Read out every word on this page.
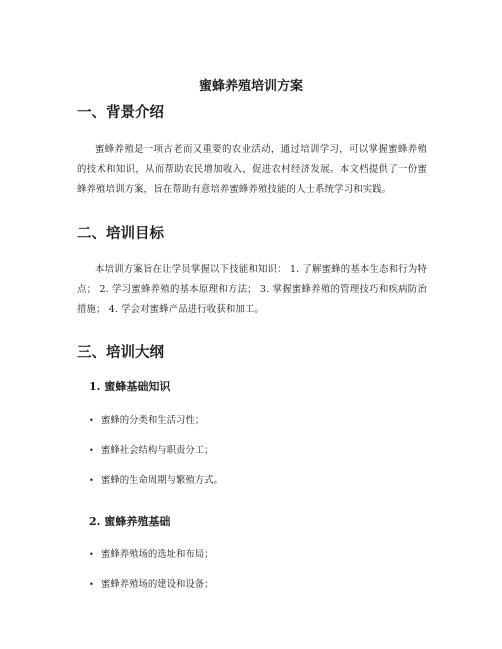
蜜蜂养殖培训方案
一、背景介绍
蜜蜂养殖是一项古老而又重要的农业活动，通过培训学习，可以掌握蜜蜂养殖的技术和知识，从而帮助农民增加收入，促进农村经济发展。本文档提供了一份蜜蜂养殖培训方案，旨在帮助有意培养蜜蜂养殖技能的人士系统学习和实践。
二、培训目标
本培训方案旨在让学员掌握以下技能和知识： 1. 了解蜜蜂的基本生态和行为特点； 2. 学习蜜蜂养殖的基本原理和方法； 3. 掌握蜜蜂养殖的管理技巧和疾病防治措施； 4. 学会对蜜蜂产品进行收获和加工。
三、培训大纲
1. 蜜蜂基础知识
• 蜜蜂的分类和生活习性；
• 蜜蜂社会结构与职责分工；
• 蜜蜂的生命周期与繁殖方式。
2. 蜜蜂养殖基础
• 蜜蜂养殖场的选址和布局；
• 蜜蜂养殖场的建设和设备；
